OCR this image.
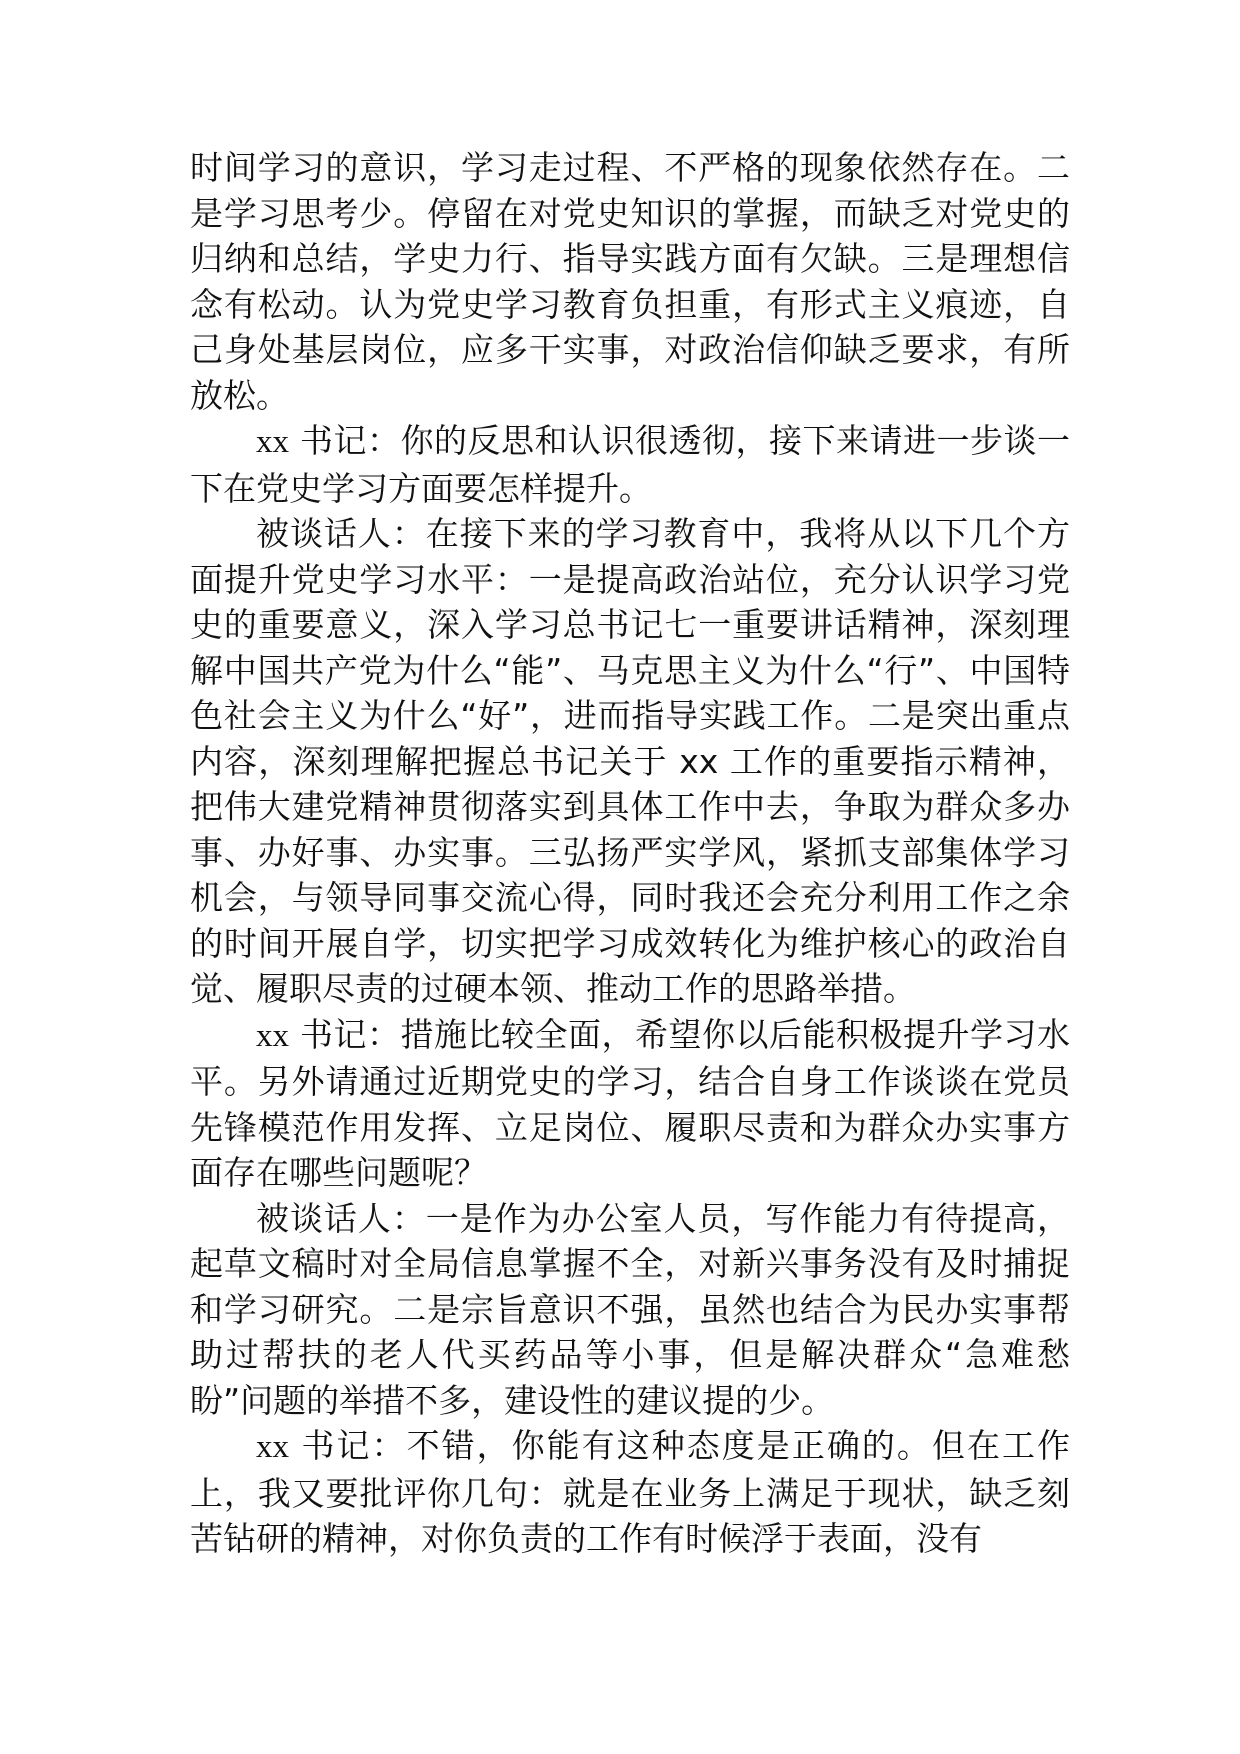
时间学习的意识，学习走过程、不严格的现象依然存在。二是学习思考少。停留在对党史知识的掌握，而缺乏对党史的归纳和总结，学史力行、指导实践方面有欠缺。三是理想信念有松动。认为党史学习教育负担重，有形式主义痕迹，自己身处基层岗位，应多干实事，对政治信仰缺乏要求，有所放松。

xx 书记：你的反思和认识很透彻，接下来请进一步谈一下在党史学习方面要怎样提升。

被谈话人：在接下来的学习教育中，我将从以下几个方面提升党史学习水平：一是提高政治站位，充分认识学习党史的重要意义，深入学习总书记七一重要讲话精神，深刻理解中国共产党为什么“能”、马克思主义为什么“行”、中国特色社会主义为什么“好”，进而指导实践工作。二是突出重点内容，深刻理解把握总书记关于 xx 工作的重要指示精神，把伟大建党精神贯彻落实到具体工作中去，争取为群众多办事、办好事、办实事。三弘扬严实学风，紧抓支部集体学习机会，与领导同事交流心得，同时我还会充分利用工作之余的时间开展自学，切实把学习成效转化为维护核心的政治自觉、履职尽责的过硬本领、推动工作的思路举措。

xx 书记：措施比较全面，希望你以后能积极提升学习水平。另外请通过近期党史的学习，结合自身工作谈谈在党员先锋模范作用发挥、立足岗位、履职尽责和为群众办实事方面存在哪些问题呢？

被谈话人：一是作为办公室人员，写作能力有待提高，起草文稿时对全局信息掌握不全，对新兴事务没有及时捕捉和学习研究。二是宗旨意识不强，虽然也结合为民办实事帮助过帮扶的老人代买药品等小事，但是解决群众“急难愁盼”问题的举措不多，建设性的建议提的少。

xx 书记：不错，你能有这种态度是正确的。但在工作上，我又要批评你几句：就是在业务上满足于现状，缺乏刻苦钻研的精神，对你负责的工作有时候浮于表面，没有
